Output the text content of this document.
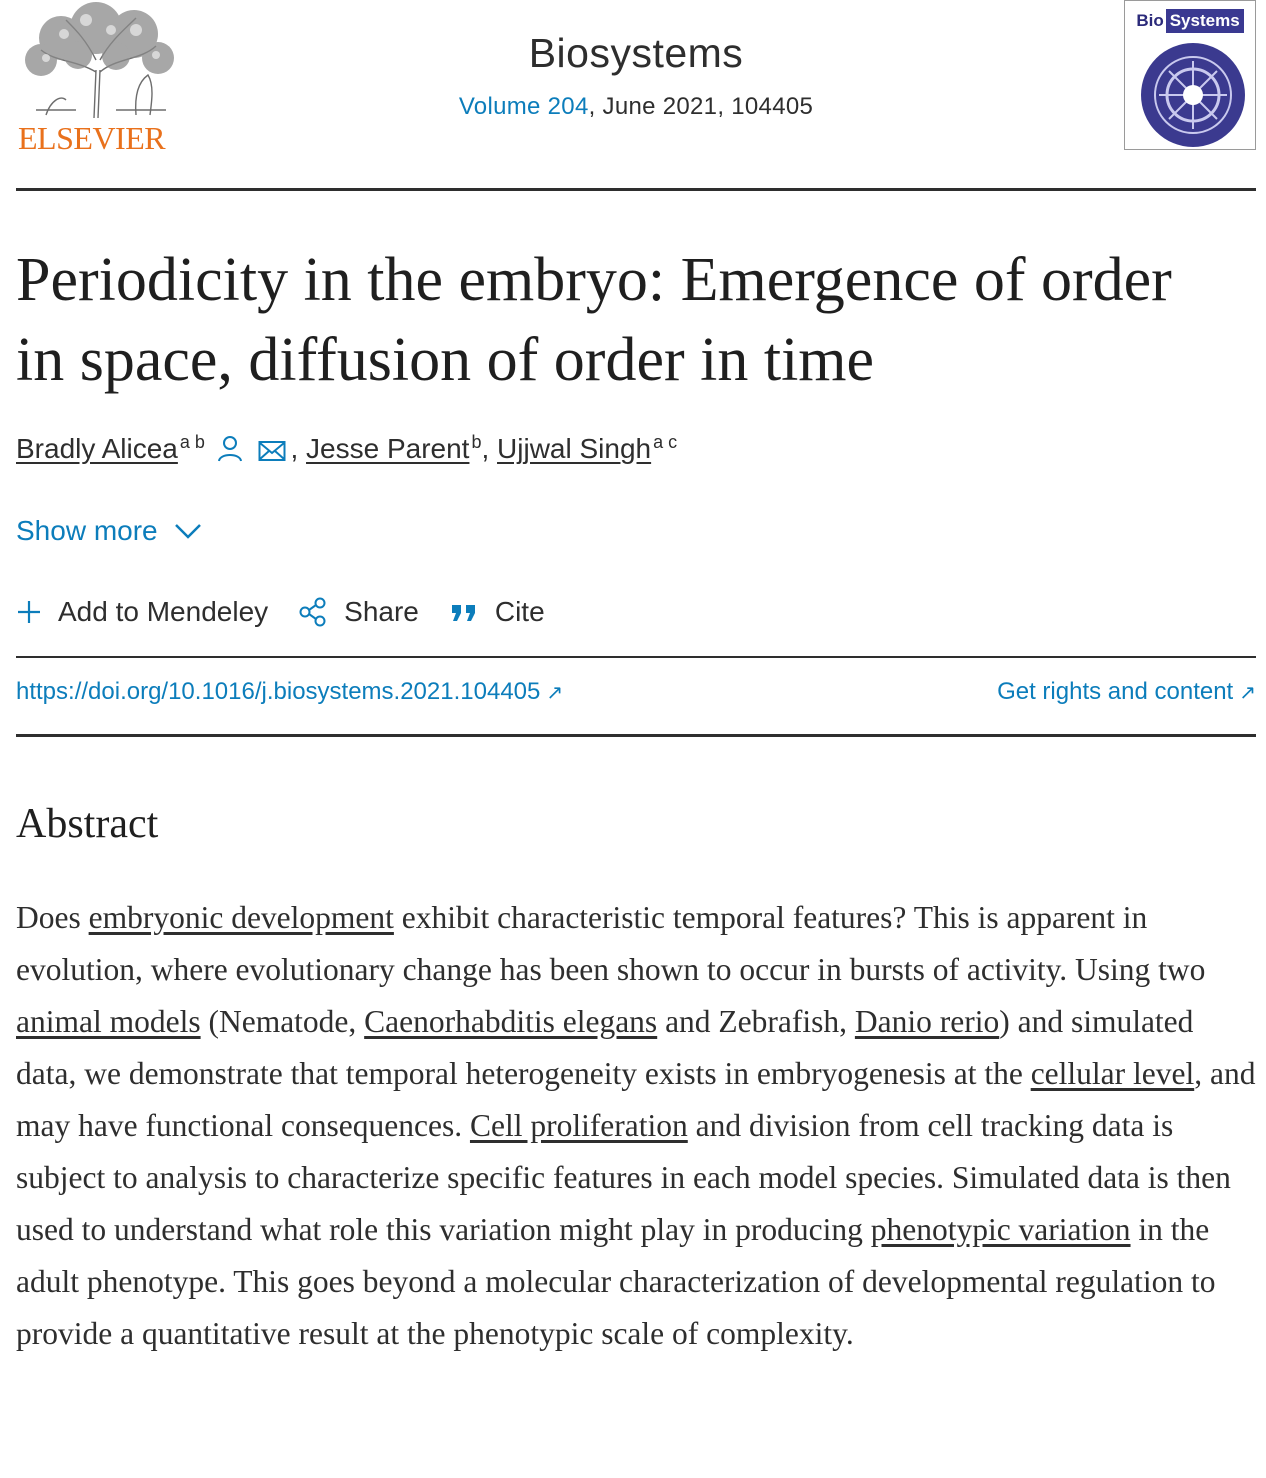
ELSEVIER
Biosystems
Volume 204, June 2021, 104405
Bio Systems
Periodicity in the embryo: Emergence of order in space, diffusion of order in time
Bradly Alicea $^{a b}$	, Jesse Parent $^b$, Ujjwal Singh $^{a c}$
Show more
Add to Mendeley	Share	Cite
https://doi.org/10.1016/j.biosystems.2021.104405 ↗	Get rights and content ↗
Abstract

Does embryonic development exhibit characteristic temporal features? This is apparent in evolution, where evolutionary change has been shown to occur in bursts of activity. Using two animal models (Nematode, Caenorhabditis elegans and Zebrafish, Danio rerio) and simulated data, we demonstrate that temporal heterogeneity exists in embryogenesis at the cellular level, and may have functional consequences. Cell proliferation and division from cell tracking data is subject to analysis to characterize specific features in each model species. Simulated data is then used to understand what role this variation might play in producing phenotypic variation in the adult phenotype. This goes beyond a molecular characterization of developmental regulation to provide a quantitative result at the phenotypic scale of complexity.
